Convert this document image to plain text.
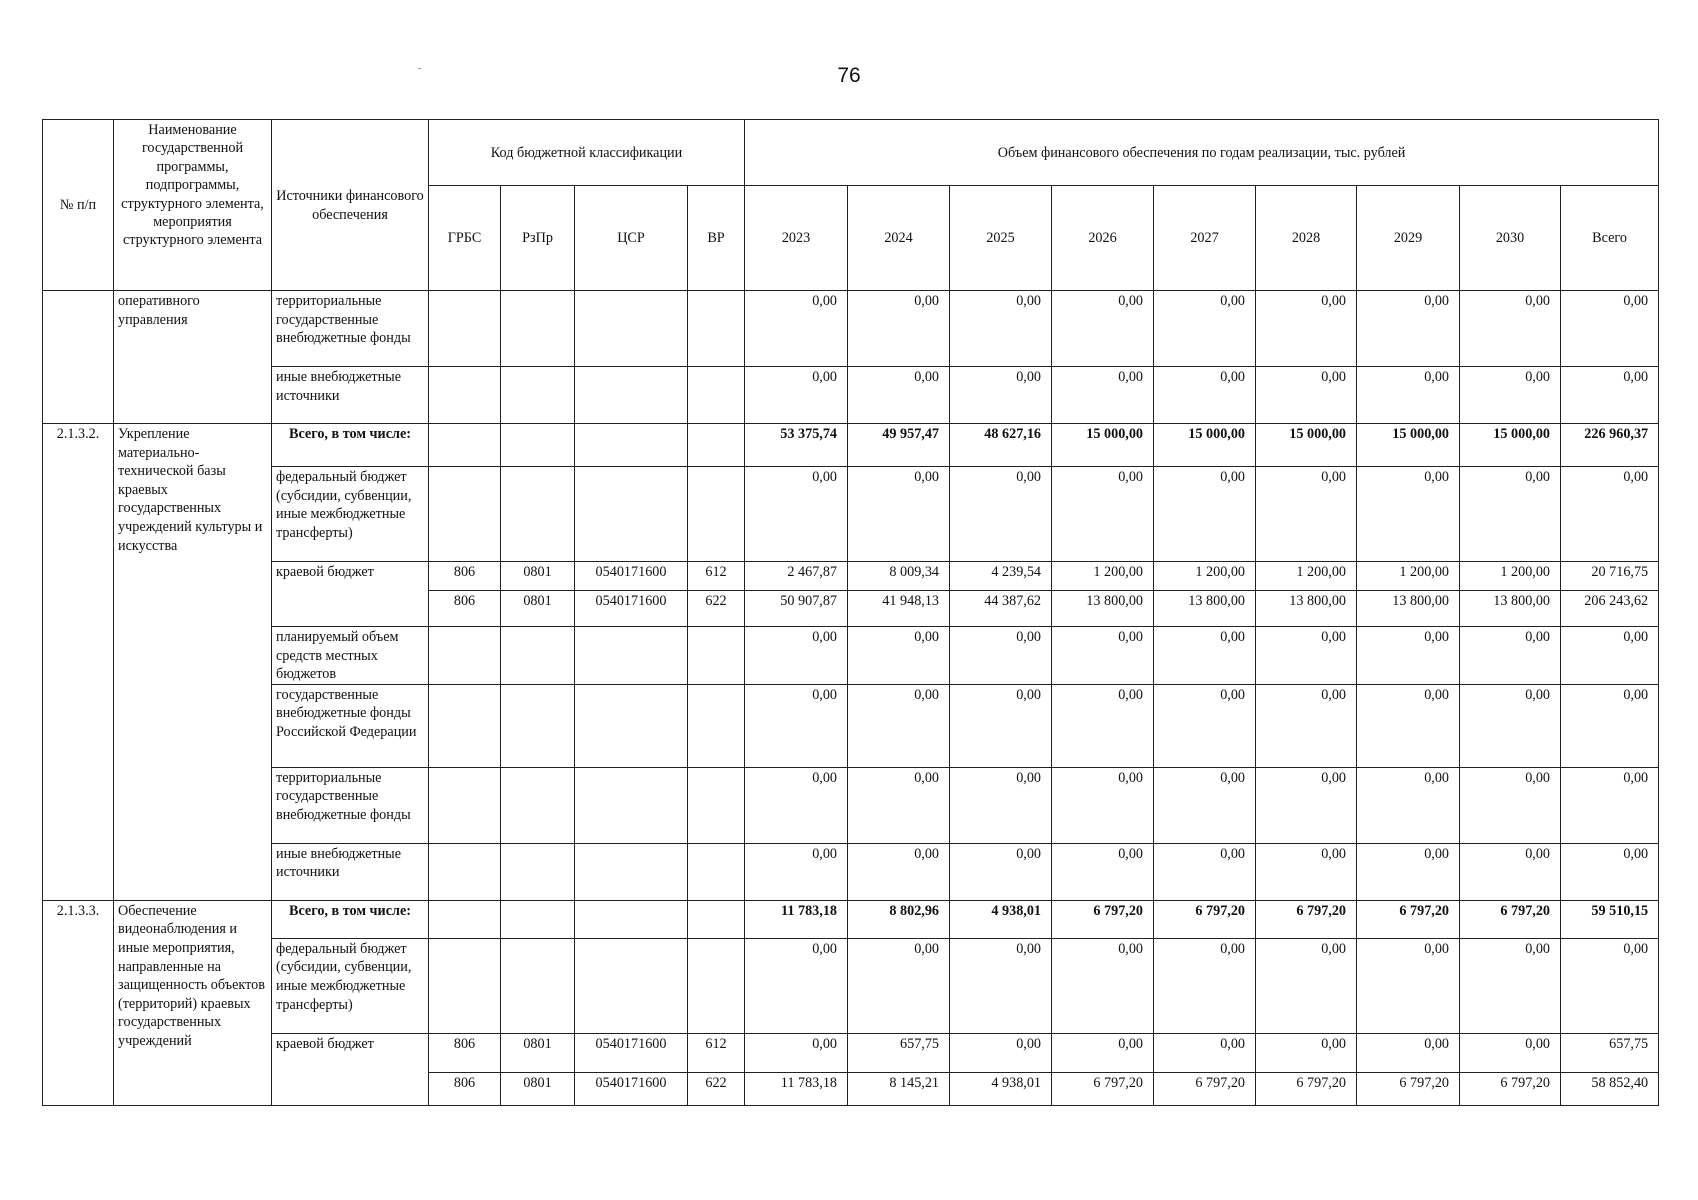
76
№ п/п	Наименование государственной программы, подпрограммы, структурного элемента, мероприятия структурного элемента	Источники финансового обеспечения	Код бюджетной классификации				Объем финансового обеспечения по годам реализации, тыс. рублей								
			ГРБС	РзПр	ЦСР	ВР	2023	2024	2025	2026	2027	2028	2029	2030	Всего
	оперативного управления	территориальные государственные внебюджетные фонды					0,00	0,00	0,00	0,00	0,00	0,00	0,00	0,00	0,00
		иные внебюджетные источники					0,00	0,00	0,00	0,00	0,00	0,00	0,00	0,00	0,00
2.1.3.2.	Укрепление материально-технической базы краевых государственных учреждений культуры и искусства	Всего, в том числе:					53 375,74	49 957,47	48 627,16	15 000,00	15 000,00	15 000,00	15 000,00	15 000,00	226 960,37
		федеральный бюджет (субсидии, субвенции, иные межбюджетные трансферты)					0,00	0,00	0,00	0,00	0,00	0,00	0,00	0,00	0,00
		краевой бюджет	806	0801	0540171600	612	2 467,87	8 009,34	4 239,54	1 200,00	1 200,00	1 200,00	1 200,00	1 200,00	20 716,75
			806	0801	0540171600	622	50 907,87	41 948,13	44 387,62	13 800,00	13 800,00	13 800,00	13 800,00	13 800,00	206 243,62
		планируемый объем средств местных бюджетов					0,00	0,00	0,00	0,00	0,00	0,00	0,00	0,00	0,00
		государственные внебюджетные фонды Российской Федерации					0,00	0,00	0,00	0,00	0,00	0,00	0,00	0,00	0,00
		территориальные государственные внебюджетные фонды					0,00	0,00	0,00	0,00	0,00	0,00	0,00	0,00	0,00
		иные внебюджетные источники					0,00	0,00	0,00	0,00	0,00	0,00	0,00	0,00	0,00
2.1.3.3.	Обеспечение видеонаблюдения и иные мероприятия, направленные на защищенность объектов (территорий) краевых государственных учреждений	Всего, в том числе:					11 783,18	8 802,96	4 938,01	6 797,20	6 797,20	6 797,20	6 797,20	6 797,20	59 510,15
		федеральный бюджет (субсидии, субвенции, иные межбюджетные трансферты)					0,00	0,00	0,00	0,00	0,00	0,00	0,00	0,00	0,00
		краевой бюджет	806	0801	0540171600	612	0,00	657,75	0,00	0,00	0,00	0,00	0,00	0,00	657,75
			806	0801	0540171600	622	11 783,18	8 145,21	4 938,01	6 797,20	6 797,20	6 797,20	6 797,20	6 797,20	58 852,40
